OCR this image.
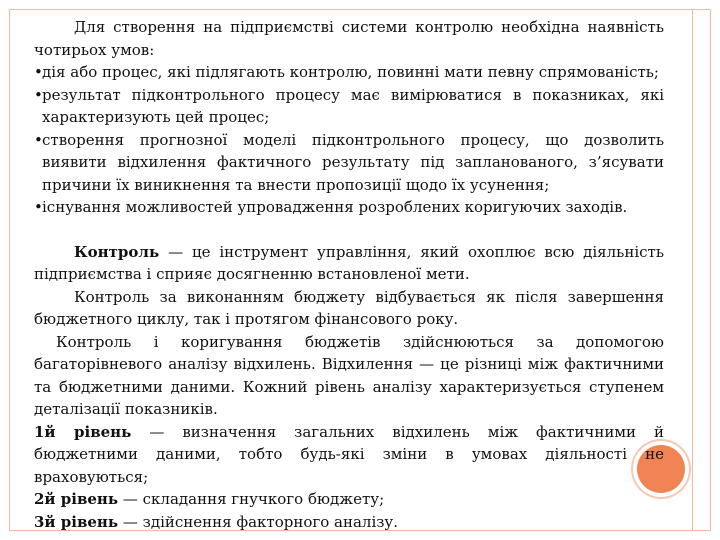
Для створення на підприємстві системи контролю необхідна наявність чотирьох умов:

• дія або процес, які підлягають контролю, повинні мати певну спрямованість;

• результат підконтрольного процесу має вимірюватися в показниках, які характеризують цей процес;

• створення прогнозної моделі підконтрольного процесу, що дозволить виявити відхилення фактичного результату під запланованого, з’ясувати причини їх виникнення та внести пропозиції щодо їх усунення;

• існування можливостей упровадження розроблених коригуючих заходів.

Контроль — це інструмент управління, який охоплює всю діяльність підприємства і сприяє досягненню встановленої мети.

Контроль за виконанням бюджету відбувається як після завершення бюджетного циклу, так і протягом фінансового року.

Контроль і коригування бюджетів здійснюються за допомогою багаторівневого аналізу відхилень. Відхилення — це різниці між фактичними та бюджетними даними. Кожний рівень аналізу характеризується ступенем деталізації показників.

1й рівень — визначення загальних відхилень між фактичними й бюджетними даними, тобто будь-які зміни в умовах діяльності не враховуються;

2й рівень — складання гнучкого бюджету;

3й рівень — здійснення факторного аналізу.
